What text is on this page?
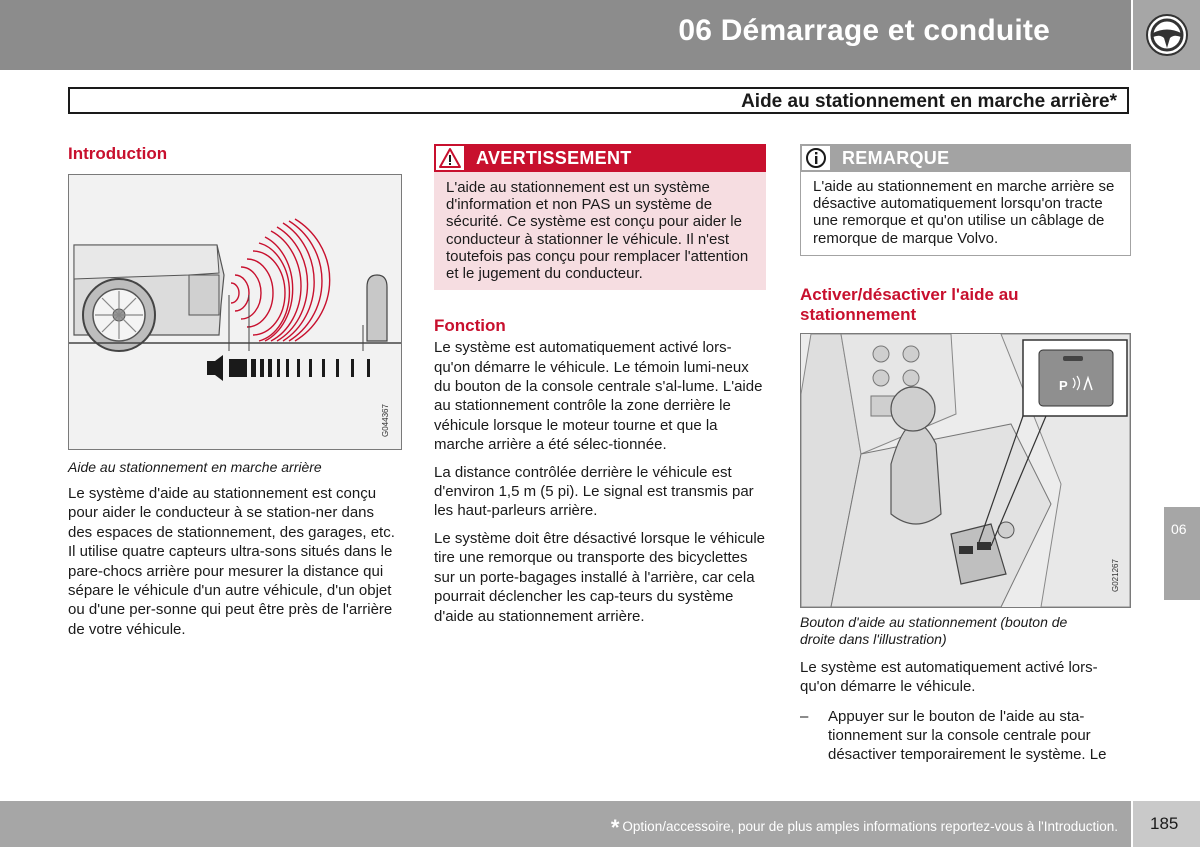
06 Démarrage et conduite
Aide au stationnement en marche arrière*
Introduction
G044367

Aide au stationnement en marche arrière

Le système d'aide au stationnement est conçu pour aider le conducteur à se station-ner dans des espaces de stationnement, des garages, etc. Il utilise quatre capteurs ultra-sons situés dans le pare-chocs arrière pour mesurer la distance qui sépare le véhicule d'un autre véhicule, d'un objet ou d'une per-sonne qui peut être près de l'arrière de votre véhicule.

AVERTISSEMENT

L'aide au stationnement est un système d'information et non PAS un système de sécurité. Ce système est conçu pour aider le conducteur à stationner le véhicule. Il n'est toutefois pas conçu pour remplacer l'attention et le jugement du conducteur.

Fonction

Le système est automatiquement activé lors-qu'on démarre le véhicule. Le témoin lumi-neux du bouton de la console centrale s'al-lume. L'aide au stationnement contrôle la zone derrière le véhicule lorsque le moteur tourne et que la marche arrière a été sélec-tionnée.

La distance contrôlée derrière le véhicule est d'environ 1,5 m (5 pi). Le signal est transmis par les haut-parleurs arrière.

Le système doit être désactivé lorsque le véhicule tire une remorque ou transporte des bicyclettes sur un porte-bagages installé à l'arrière, car cela pourrait déclencher les cap-teurs du système d'aide au stationnement arrière.

REMARQUE

L'aide au stationnement en marche arrière se désactive automatiquement lorsqu'on tracte une remorque et qu'on utilise un câblage de remorque de marque Volvo.

Activer/désactiver l'aide au stationnement
P
G021267

Bouton d'aide au stationnement (bouton de droite dans l'illustration)

Le système est automatiquement activé lors-qu'on démarre le véhicule.

–	Appuyer sur le bouton de l'aide au sta-tionnement sur la console centrale pour désactiver temporairement le système. Le

06
* Option/accessoire, pour de plus amples informations reportez-vous à l'Introduction. 185
